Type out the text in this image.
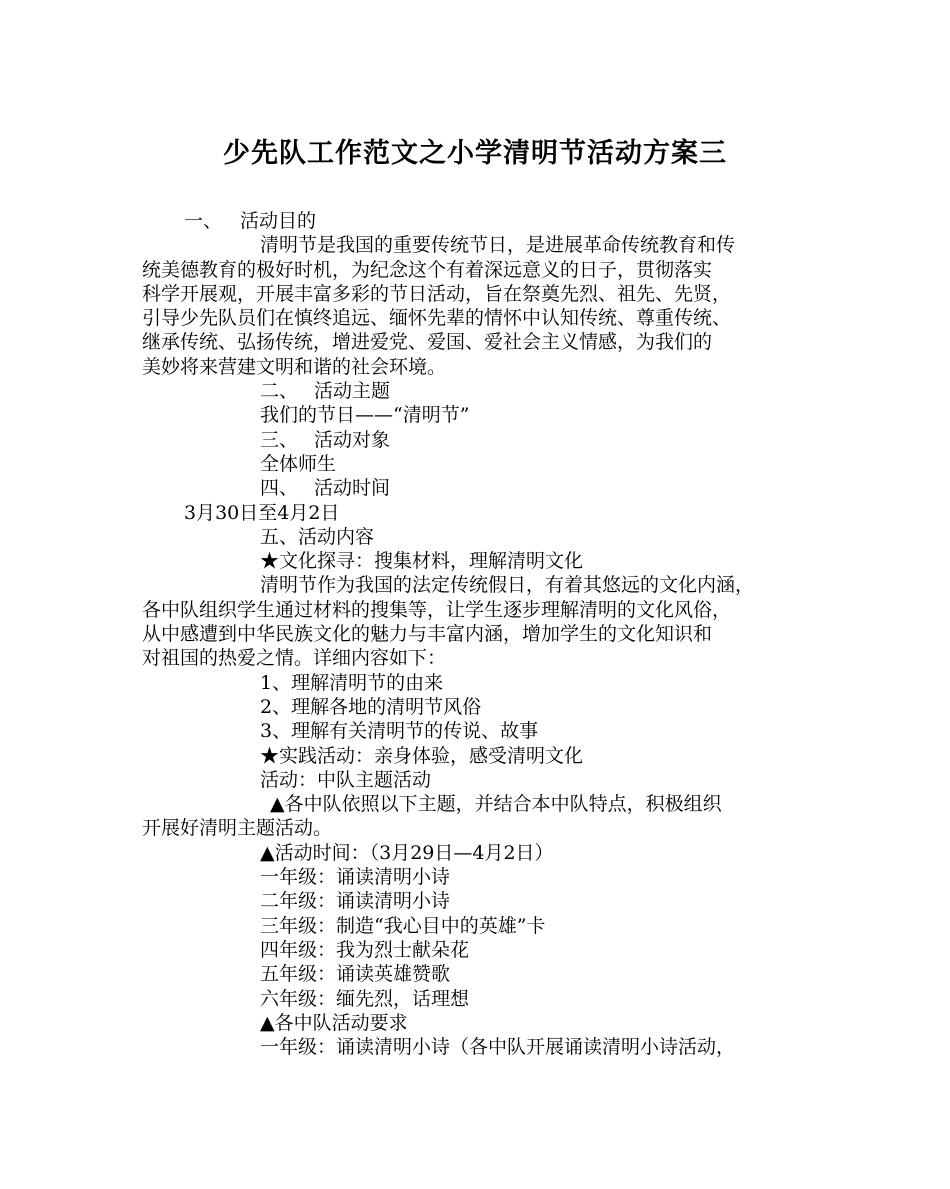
少先队工作范文之小学清明节活动方案三
一、 活动目的
清明节是我国的重要传统节日，是进展革命传统教育和传
统美德教育的极好时机，为纪念这个有着深远意义的日子，贯彻落实
科学开展观，开展丰富多彩的节日活动，旨在祭奠先烈、祖先、先贤，
引导少先队员们在慎终追远、缅怀先辈的情怀中认知传统、尊重传统、
继承传统、弘扬传统，增进爱党、爱国、爱社会主义情感，为我们的
美妙将来营建文明和谐的社会环境。
二、 活动主题
我们的节日——“清明节”
三、 活动对象
全体师生
四、 活动时间
3月30日至4月2日
五、活动内容
★文化探寻：搜集材料，理解清明文化
清明节作为我国的法定传统假日，有着其悠远的文化内涵，
各中队组织学生通过材料的搜集等，让学生逐步理解清明的文化风俗，
从中感遭到中华民族文化的魅力与丰富内涵，增加学生的文化知识和
对祖国的热爱之情。详细内容如下：
1、理解清明节的由来
2、理解各地的清明节风俗
3、理解有关清明节的传说、故事
★实践活动：亲身体验，感受清明文化
活动：中队主题活动
▲各中队依照以下主题，并结合本中队特点，积极组织
开展好清明主题活动。
▲活动时间：（3月29日—4月2日）
一年级：诵读清明小诗
二年级：诵读清明小诗
三年级：制造“我心目中的英雄”卡
四年级：我为烈士献朵花
五年级：诵读英雄赞歌
六年级：缅先烈，话理想
▲各中队活动要求
一年级：诵读清明小诗（各中队开展诵读清明小诗活动，
